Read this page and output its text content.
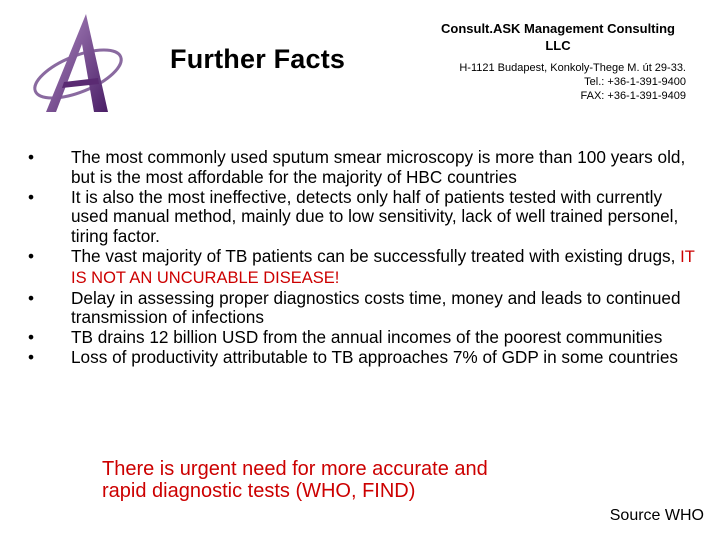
Further Facts
Consult.ASK Management Consulting
LLC
H-1121 Budapest, Konkoly-Thege M. út 29-33.
Tel.: +36-1-391-9400
FAX: +36-1-391-9409
• The most commonly used sputum smear microscopy is more than 100 years old, but is the most affordable for the majority of HBC countries
• It is also the most ineffective, detects only half of patients tested with currently used manual method, mainly due to low sensitivity, lack of well trained personel, tiring factor.
• The vast majority of TB patients can be successfully treated with existing drugs, IT IS NOT AN UNCURABLE DISEASE!
• Delay in assessing proper diagnostics costs time, money and leads to continued transmission of infections
• TB drains 12 billion USD from the annual incomes of the poorest communities
• Loss of productivity attributable to TB approaches 7% of GDP in some countries
There is urgent need for more accurate and
rapid diagnostic tests (WHO, FIND)
Source WHO
